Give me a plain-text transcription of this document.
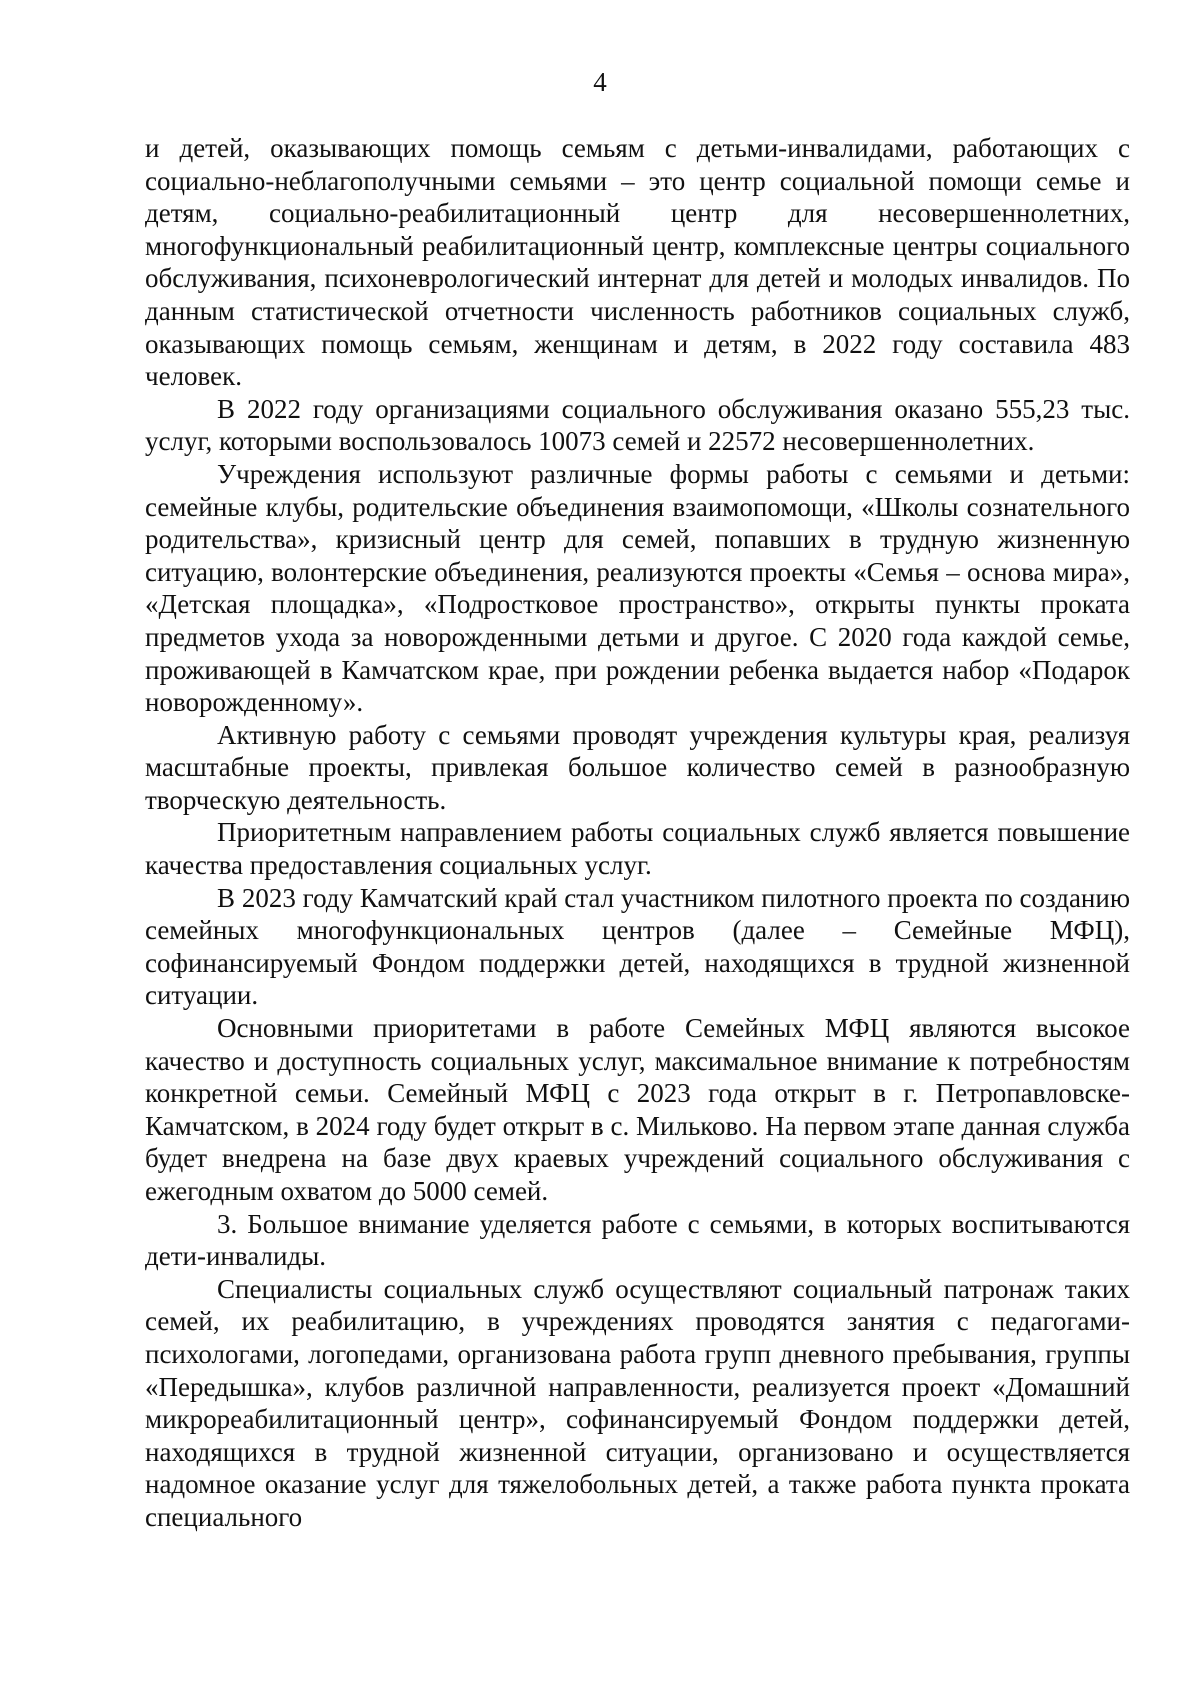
4

и детей, оказывающих помощь семьям с детьми-инвалидами, работающих с социально-неблагополучными семьями – это центр социальной помощи семье и детям, социально-реабилитационный центр для несовершеннолетних, многофункциональный реабилитационный центр, комплексные центры социального обслуживания, психоневрологический интернат для детей и молодых инвалидов. По данным статистической отчетности численность работников социальных служб, оказывающих помощь семьям, женщинам и детям, в 2022 году составила 483 человек.

В 2022 году организациями социального обслуживания оказано 555,23 тыс. услуг, которыми воспользовалось 10073 семей и 22572 несовершеннолетних.

Учреждения используют различные формы работы с семьями и детьми: семейные клубы, родительские объединения взаимопомощи, «Школы сознательного родительства», кризисный центр для семей, попавших в трудную жизненную ситуацию, волонтерские объединения, реализуются проекты «Семья – основа мира», «Детская площадка», «Подростковое пространство», открыты пункты проката предметов ухода за новорожденными детьми и другое. С 2020 года каждой семье, проживающей в Камчатском крае, при рождении ребенка выдается набор «Подарок новорожденному».

Активную работу с семьями проводят учреждения культуры края, реализуя масштабные проекты, привлекая большое количество семей в разнообразную творческую деятельность.

Приоритетным направлением работы социальных служб является повышение качества предоставления социальных услуг.

В 2023 году Камчатский край стал участником пилотного проекта по созданию семейных многофункциональных центров (далее – Семейные МФЦ), софинансируемый Фондом поддержки детей, находящихся в трудной жизненной ситуации.

Основными приоритетами в работе Семейных МФЦ являются высокое качество и доступность социальных услуг, максимальное внимание к потребностям конкретной семьи. Семейный МФЦ с 2023 года открыт в г. Петропавловске-Камчатском, в 2024 году будет открыт в с. Мильково. На первом этапе данная служба будет внедрена на базе двух краевых учреждений социального обслуживания с ежегодным охватом до 5000 семей.

3. Большое внимание уделяется работе с семьями, в которых воспитываются дети-инвалиды.

Специалисты социальных служб осуществляют социальный патронаж таких семей, их реабилитацию, в учреждениях проводятся занятия с педагогами-психологами, логопедами, организована работа групп дневного пребывания, группы «Передышка», клубов различной направленности, реализуется проект «Домашний микрореабилитационный центр», софинансируемый Фондом поддержки детей, находящихся в трудной жизненной ситуации, организовано и осуществляется надомное оказание услуг для тяжелобольных детей, а также работа пункта проката специального
